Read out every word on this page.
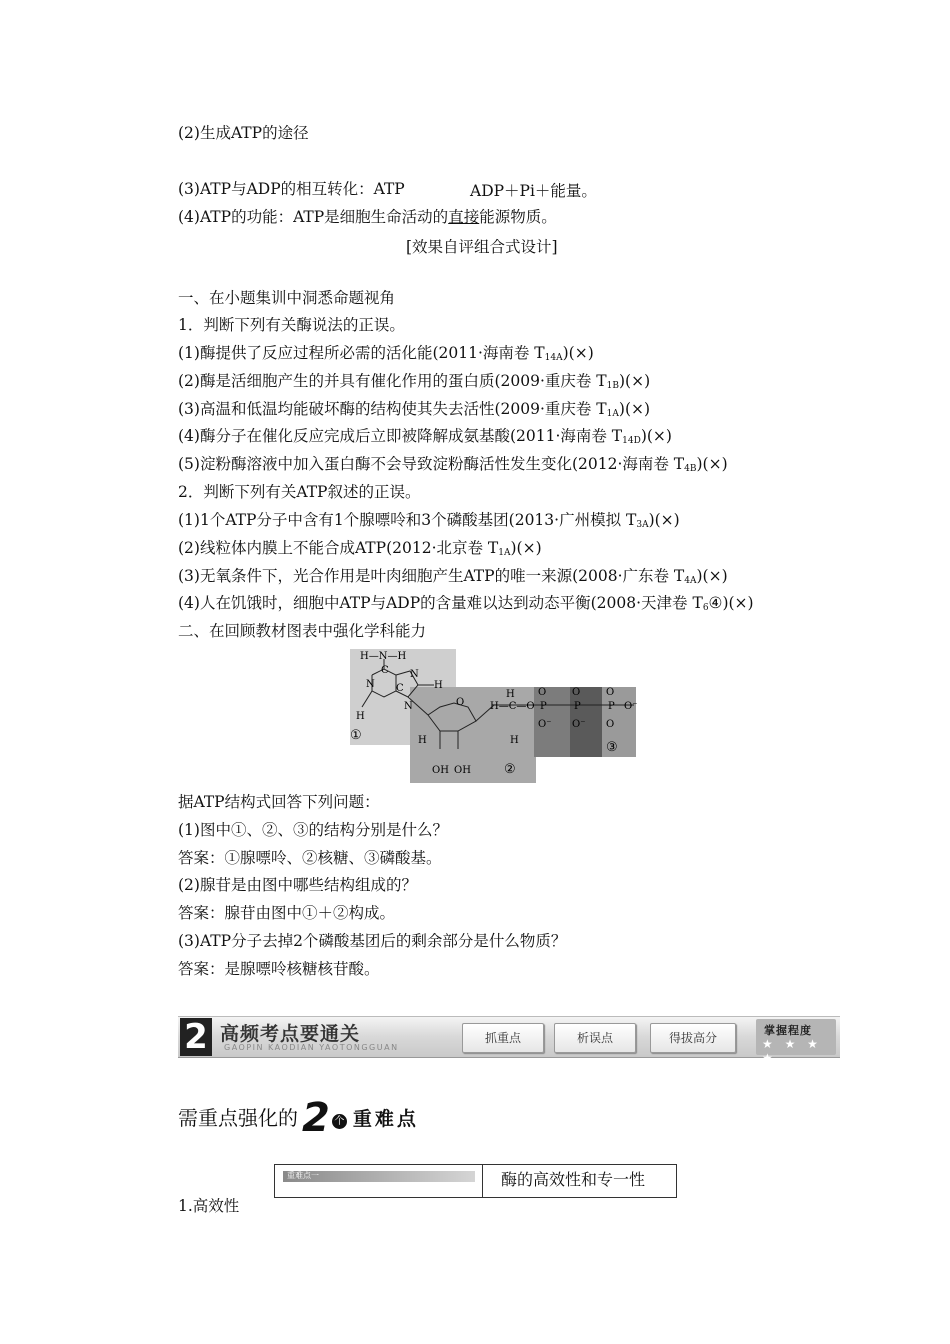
(2)生成ATP的途径
(3)ATP与ADP的相互转化：ATP	ADP＋Pi＋能量。
(4)ATP的功能：ATP是细胞生命活动的直接能源物质。
[效果自评组合式设计]
一、在小题集训中洞悉命题视角
1．判断下列有关酶说法的正误。
(1)酶提供了反应过程所必需的活化能(2011·海南卷 $T_{14A})(\times)$
(2)酶是活细胞产生的并具有催化作用的蛋白质(2009·重庆卷 $T_{1B})(\times)$
(3)高温和低温均能破坏酶的结构使其失去活性(2009·重庆卷 $T_{1A})(\times)$
(4)酶分子在催化反应完成后立即被降解成氨基酸(2011·海南卷 $T_{14D})(\times)$
(5)淀粉酶溶液中加入蛋白酶不会导致淀粉酶活性发生变化(2012·海南卷 $T_{4B})(\times)$
2．判断下列有关ATP叙述的正误。
(1)1个ATP分子中含有1个腺嘌呤和3个磷酸基团(2013·广州模拟 $T_{3A})(\times)$
(2)线粒体内膜上不能合成ATP(2012·北京卷 $T_{1A})(\times)$
(3)无氧条件下，光合作用是叶肉细胞产生ATP的唯一来源(2008·广东卷 $T_{4A})(\times)$
(4)人在饥饿时，细胞中ATP与ADP的含量难以达到动态平衡(2008·天津卷 $T_6④)(\times)$
二、在回顾教材图表中强化学科能力
H—N—H
C
N
N
C	H
H
N	O
H
H—C—O P	P	P
O	O	O
O⁻ O⁻ O
O⁻
H	H
OH OH
①
②
③
据ATP结构式回答下列问题：
(1)图中①、②、③的结构分别是什么？
答案：①腺嘌呤、②核糖、③磷酸基。
(2)腺苷是由图中哪些结构组成的？
答案：腺苷由图中①＋②构成。
(3)ATP分子去掉2个磷酸基团后的剩余部分是什么物质？
答案：是腺嘌呤核糖核苷酸。
2 高频考点要通关
GAOPIN KAODIAN YAOTONGGUAN
抓重点	析误点	得拔高分
掌握程度
★ ★ ★ ★
需重点强化的 2 个 重难点
重难点一	酶的高效性和专一性
1.高效性
